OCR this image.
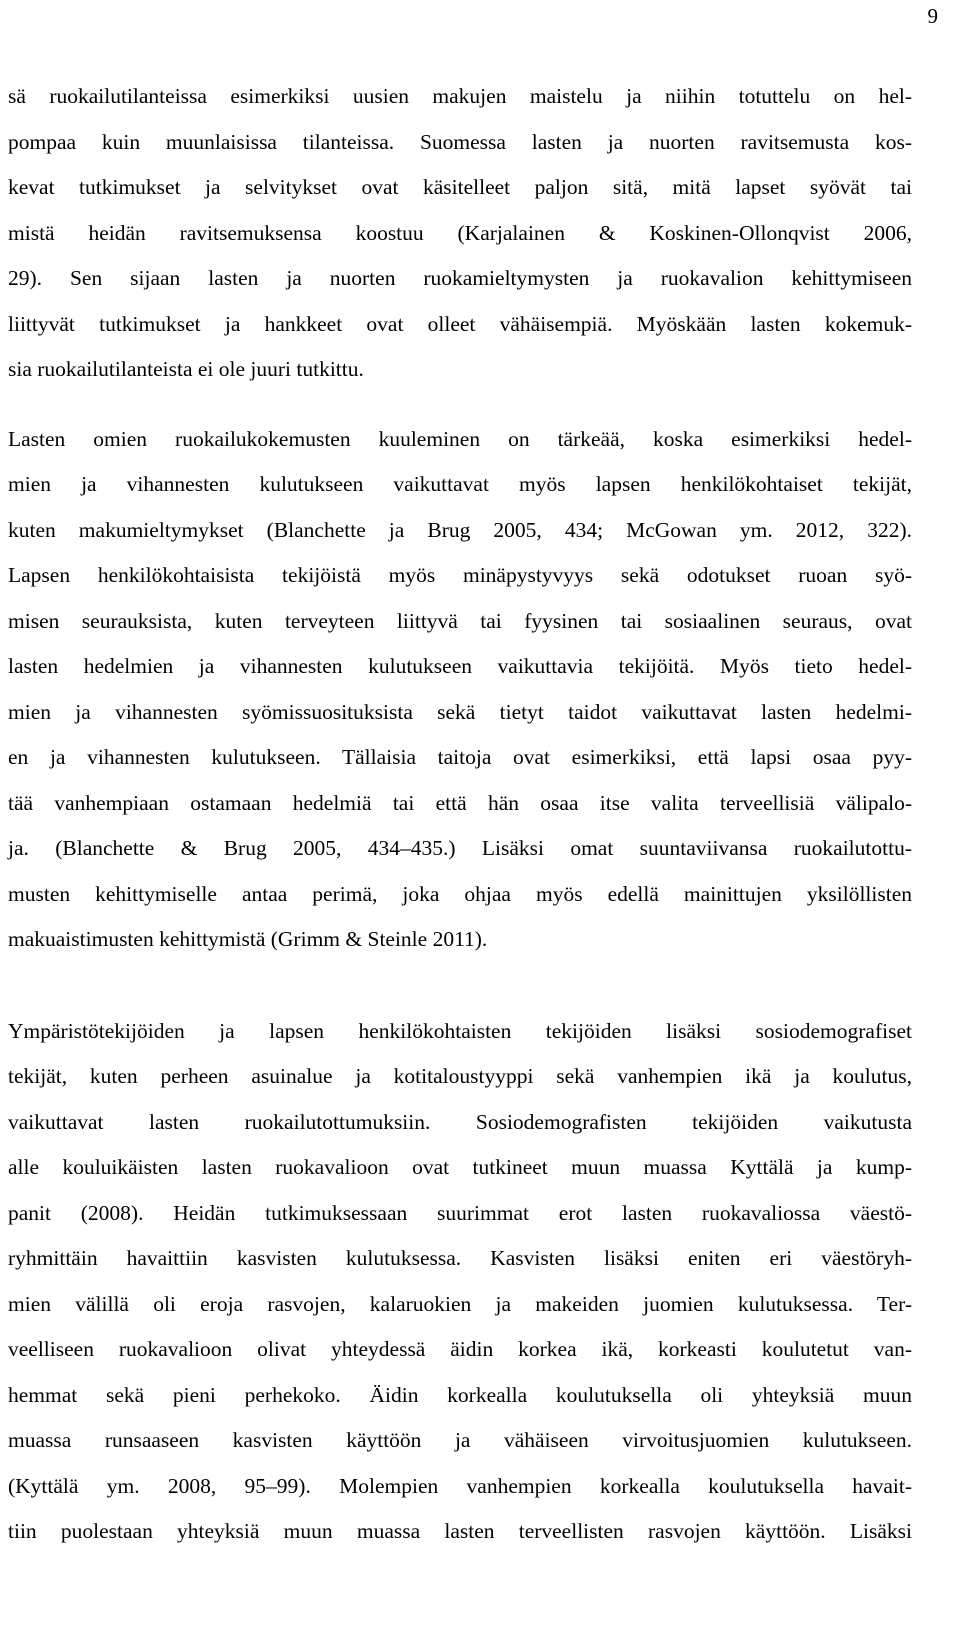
9
sä ruokailutilanteissa esimerkiksi uusien makujen maistelu ja niihin totuttelu on hel-
pompaa kuin muunlaisissa tilanteissa. Suomessa lasten ja nuorten ravitsemusta kos-
kevat tutkimukset ja selvitykset ovat käsitelleet paljon sitä, mitä lapset syövät tai
mistä heidän ravitsemuksensa koostuu (Karjalainen & Koskinen-Ollonqvist 2006,
29). Sen sijaan lasten ja nuorten ruokamieltymysten ja ruokavalion kehittymiseen
liittyvät tutkimukset ja hankkeet ovat olleet vähäisempiä. Myöskään lasten kokemuk-
sia ruokailutilanteista ei ole juuri tutkittu.
Lasten omien ruokailukokemusten kuuleminen on tärkeää, koska esimerkiksi hedel-
mien ja vihannesten kulutukseen vaikuttavat myös lapsen henkilökohtaiset tekijät,
kuten makumieltymykset (Blanchette ja Brug 2005, 434; McGowan ym. 2012, 322).
Lapsen henkilökohtaisista tekijöistä myös minäpystyvyys sekä odotukset ruoan syö-
misen seurauksista, kuten terveyteen liittyvä tai fyysinen tai sosiaalinen seuraus, ovat
lasten hedelmien ja vihannesten kulutukseen vaikuttavia tekijöitä. Myös tieto hedel-
mien ja vihannesten syömissuosituksista sekä tietyt taidot vaikuttavat lasten hedelmi-
en ja vihannesten kulutukseen. Tällaisia taitoja ovat esimerkiksi, että lapsi osaa pyy-
tää vanhempiaan ostamaan hedelmiä tai että hän osaa itse valita terveellisiä välipalo-
ja. (Blanchette & Brug 2005, 434–435.) Lisäksi omat suuntaviivansa ruokailutottu-
musten kehittymiselle antaa perimä, joka ohjaa myös edellä mainittujen yksilöllisten
makuaistimusten kehittymistä (Grimm & Steinle 2011).
Ympäristötekijöiden ja lapsen henkilökohtaisten tekijöiden lisäksi sosiodemografiset
tekijät, kuten perheen asuinalue ja kotitaloustyyppi sekä vanhempien ikä ja koulutus,
vaikuttavat lasten ruokailutottumuksiin. Sosiodemografisten tekijöiden vaikutusta
alle kouluikäisten lasten ruokavalioon ovat tutkineet muun muassa Kyttälä ja kump-
panit (2008). Heidän tutkimuksessaan suurimmat erot lasten ruokavaliossa väestö-
ryhmittäin havaittiin kasvisten kulutuksessa. Kasvisten lisäksi eniten eri väestöryh-
mien välillä oli eroja rasvojen, kalaruokien ja makeiden juomien kulutuksessa. Ter-
veelliseen ruokavalioon olivat yhteydessä äidin korkea ikä, korkeasti koulutetut van-
hemmat sekä pieni perhekoko. Äidin korkealla koulutuksella oli yhteyksiä muun
muassa runsaaseen kasvisten käyttöön ja vähäiseen virvoitusjuomien kulutukseen.
(Kyttälä ym. 2008, 95–99). Molempien vanhempien korkealla koulutuksella havait-
tiin puolestaan yhteyksiä muun muassa lasten terveellisten rasvojen käyttöön. Lisäksi
